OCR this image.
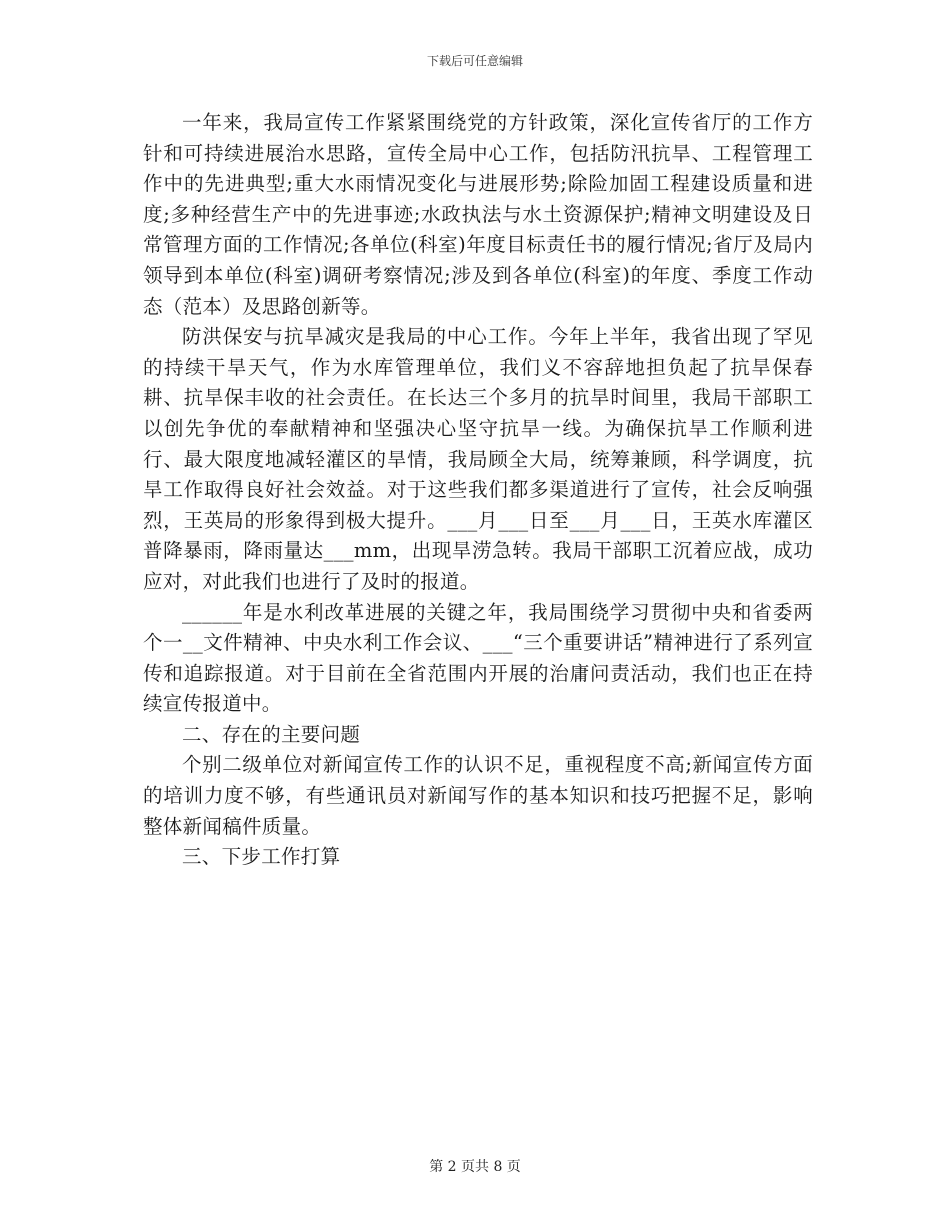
下载后可任意编辑

一年来，我局宣传工作紧紧围绕党的方针政策，深化宣传省厅的工作方针和可持续进展治水思路，宣传全局中心工作，包括防汛抗旱、工程管理工作中的先进典型;重大水雨情况变化与进展形势;除险加固工程建设质量和进度;多种经营生产中的先进事迹;水政执法与水土资源保护;精神文明建设及日常管理方面的工作情况;各单位(科室)年度目标责任书的履行情况;省厅及局内领导到本单位(科室)调研考察情况;涉及到各单位(科室)的年度、季度工作动态（范本）及思路创新等。

防洪保安与抗旱减灾是我局的中心工作。今年上半年，我省出现了罕见的持续干旱天气，作为水库管理单位，我们义不容辞地担负起了抗旱保春耕、抗旱保丰收的社会责任。在长达三个多月的抗旱时间里，我局干部职工以创先争优的奉献精神和坚强决心坚守抗旱一线。为确保抗旱工作顺利进行、最大限度地减轻灌区的旱情，我局顾全大局，统筹兼顾，科学调度，抗旱工作取得良好社会效益。对于这些我们都多渠道进行了宣传，社会反响强烈，王英局的形象得到极大提升。___月___日至___月___日，王英水库灌区普降暴雨，降雨量达___mm，出现旱涝急转。我局干部职工沉着应战，成功应对，对此我们也进行了及时的报道。

______年是水利改革进展的关键之年，我局围绕学习贯彻中央和省委两个一__文件精神、中央水利工作会议、___“三个重要讲话”精神进行了系列宣传和追踪报道。对于目前在全省范围内开展的治庸问责活动，我们也正在持续宣传报道中。

二、存在的主要问题

个别二级单位对新闻宣传工作的认识不足，重视程度不高;新闻宣传方面的培训力度不够，有些通讯员对新闻写作的基本知识和技巧把握不足，影响整体新闻稿件质量。

三、下步工作打算

第 2 页共 8 页
